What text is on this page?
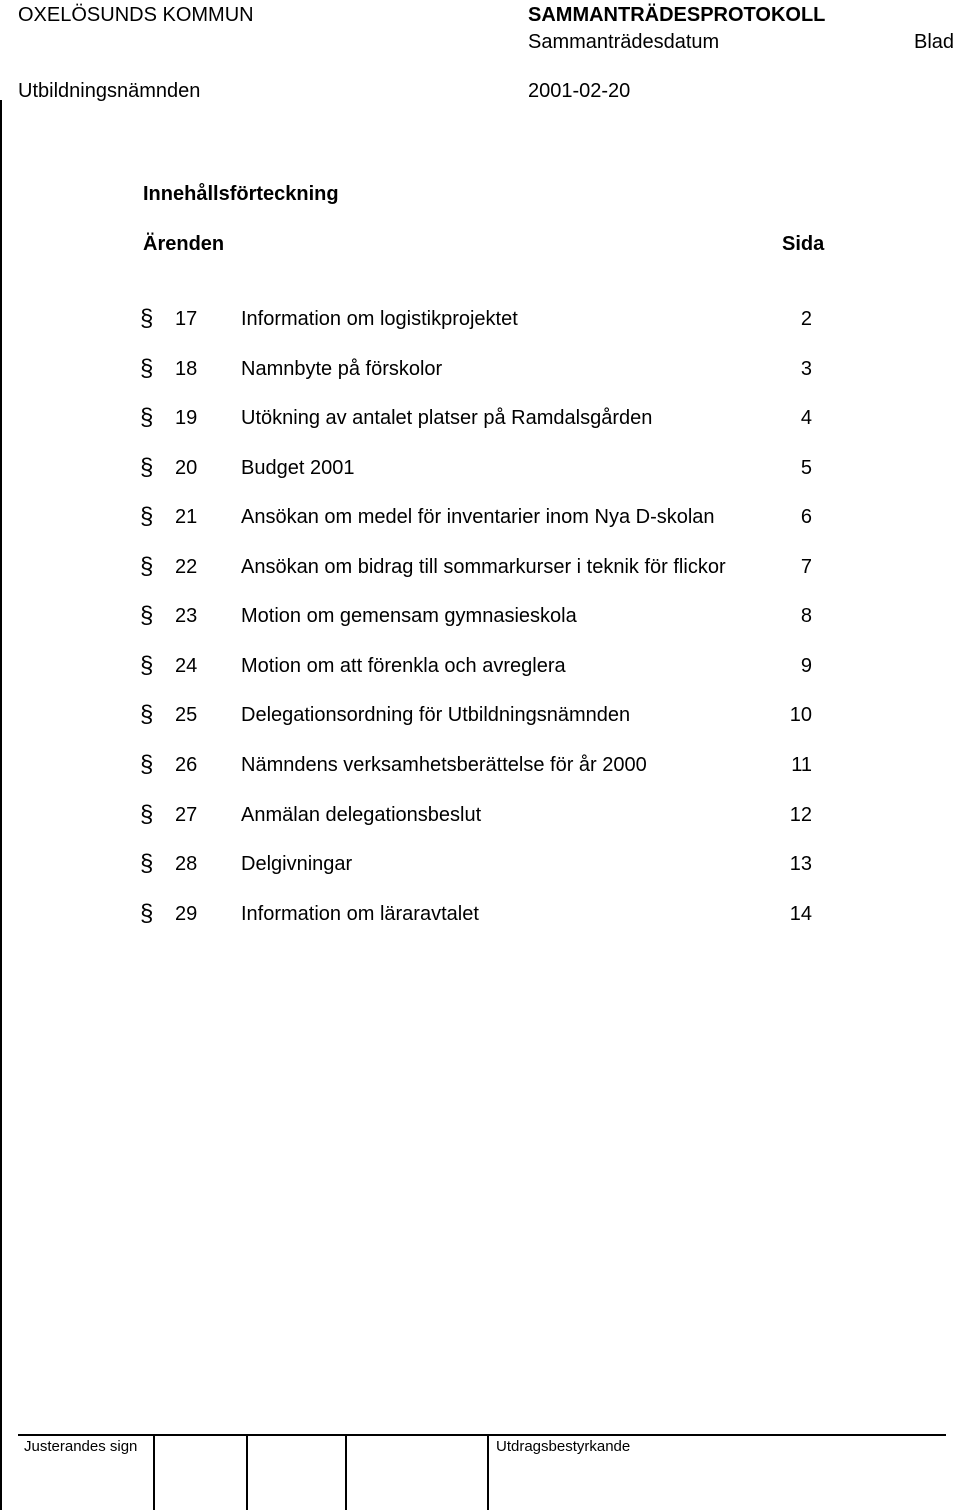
OXELÖSUNDS KOMMUN	SAMMANTRÄDESPROTOKOLL
Sammanträdesdatum	Blad
Utbildningsnämnden	2001-02-20
Innehållsförteckning
Ärenden	Sida
§ 17 Information om logistikprojektet	2
§ 18 Namnbyte på förskolor	3
§ 19 Utökning av antalet platser på Ramdalsgården	4
§ 20 Budget 2001	5
§ 21 Ansökan om medel för inventarier inom Nya D-skolan	6
§ 22 Ansökan om bidrag till sommarkurser i teknik för flickor	7
§ 23 Motion om gemensam gymnasieskola	8
§ 24 Motion om att förenkla och avreglera	9
§ 25 Delegationsordning för Utbildningsnämnden	10
§ 26 Nämndens verksamhetsberättelse för år 2000	11
§ 27 Anmälan delegationsbeslut	12
§ 28 Delgivningar	13
§ 29 Information om läraravtalet	14
Justerandes sign	Utdragsbestyrkande
